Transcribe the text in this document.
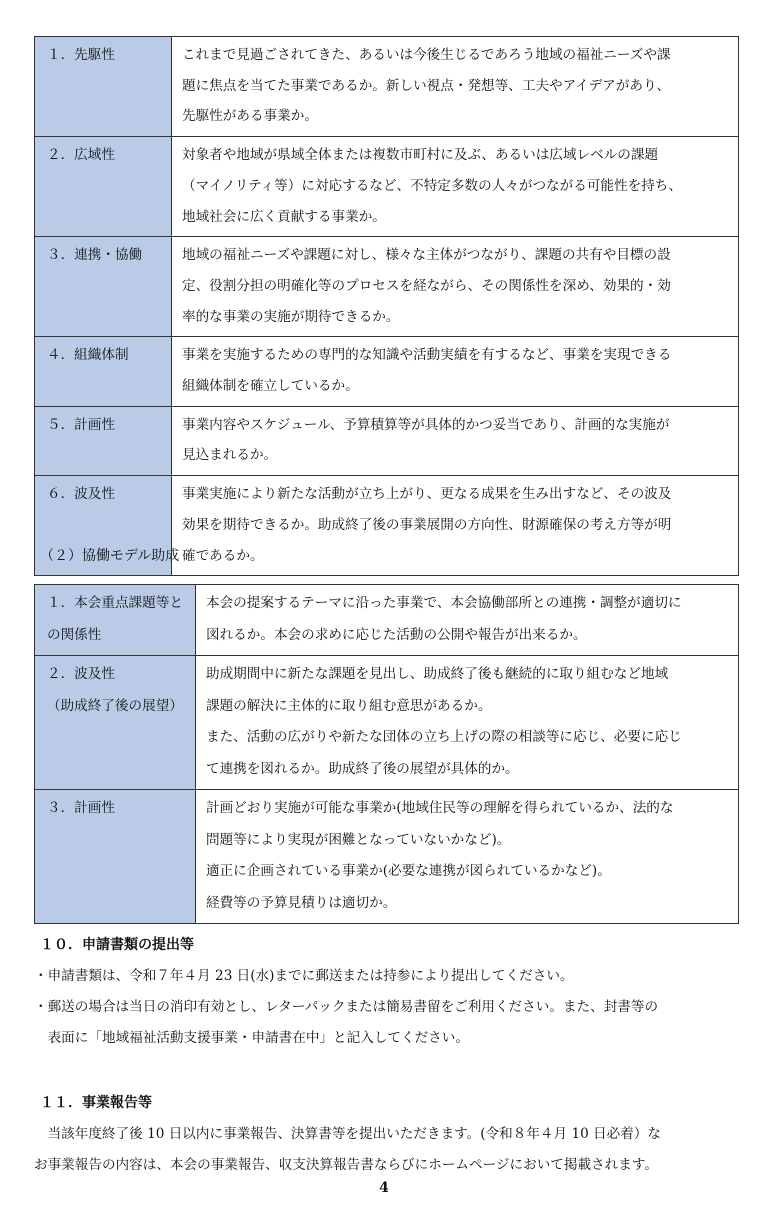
１．先駆性	これまで見過ごされてきた、あるいは今後生じるであろう地域の福祉ニーズや課
題に焦点を当てた事業であるか。新しい視点・発想等、工夫やアイデアがあり、
先駆性がある事業か。

２．広域性	対象者や地域が県域全体または複数市町村に及ぶ、あるいは広域レベルの課題
（マイノリティ等）に対応するなど、不特定多数の人々がつながる可能性を持ち、
地域社会に広く貢献する事業か。

３．連携・協働	地域の福祉ニーズや課題に対し、様々な主体がつながり、課題の共有や目標の設
定、役割分担の明確化等のプロセスを経ながら、その関係性を深め、効果的・効
率的な事業の実施が期待できるか。

４．組織体制	事業を実施するための専門的な知識や活動実績を有するなど、事業を実現できる
組織体制を確立しているか。

５．計画性	事業内容やスケジュール、予算積算等が具体的かつ妥当であり、計画的な実施が
見込まれるか。

６．波及性	事業実施により新たな活動が立ち上がり、更なる成果を生み出すなど、その波及
効果を期待できるか。助成終了後の事業展開の方向性、財源確保の考え方等が明
確であるか。
（２）協働モデル助成
１．本会重点課題等と
の関係性	本会の提案するテーマに沿った事業で、本会協働部所との連携・調整が適切に
図れるか。本会の求めに応じた活動の公開や報告が出来るか。

２．波及性
（助成終了後の展望）	助成期間中に新たな課題を見出し、助成終了後も継続的に取り組むなど地域
課題の解決に主体的に取り組む意思があるか。
また、活動の広がりや新たな団体の立ち上げの際の相談等に応じ、必要に応じ
て連携を図れるか。助成終了後の展望が具体的か。

３．計画性	計画どおり実施が可能な事業か(地域住民等の理解を得られているか、法的な
問題等により実現が困難となっていないかなど)。
適正に企画されている事業か(必要な連携が図られているかなど)。
経費等の予算見積りは適切か。
１０．申請書類の提出等
・申請書類は、令和７年４月 23 日(水)までに郵送または持参により提出してください。
・郵送の場合は当日の消印有効とし、レターパックまたは簡易書留をご利用ください。また、封書等の
　表面に「地域福祉活動支援事業・申請書在中」と記入してください。
１１．事業報告等
　当該年度終了後 10 日以内に事業報告、決算書等を提出いただきます。(令和８年４月 10 日必着）な
お事業報告の内容は、本会の事業報告、収支決算報告書ならびにホームページにおいて掲載されます。
4
